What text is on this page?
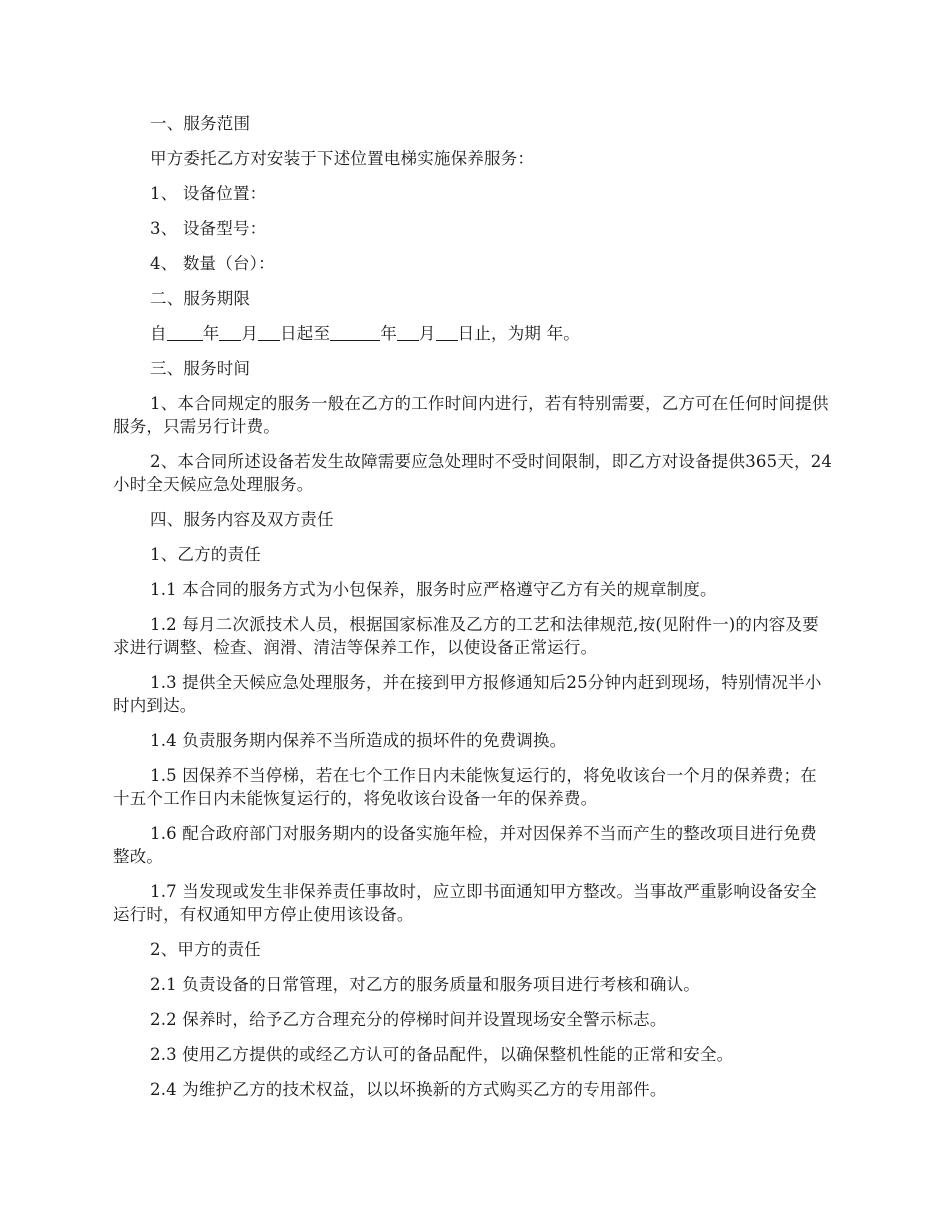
一、服务范围

甲方委托乙方对安装于下述位置电梯实施保养服务：

1、 设备位置：

3、 设备型号：

4、 数量（台）：

二、服务期限

自 年 月 日起至	年 月 日止，为期 年。

三、服务时间

1、本合同规定的服务一般在乙方的工作时间内进行，若有特别需要，乙方可在任何时间提供服务，只需另行计费。

2、本合同所述设备若发生故障需要应急处理时不受时间限制，即乙方对设备提供365天，24小时全天候应急处理服务。

四、服务内容及双方责任

1、乙方的责任

1.1 本合同的服务方式为小包保养，服务时应严格遵守乙方有关的规章制度。

1.2 每月二次派技术人员，根据国家标准及乙方的工艺和法律规范,按(见附件一)的内容及要求进行调整、检查、润滑、清洁等保养工作，以使设备正常运行。

1.3 提供全天候应急处理服务，并在接到甲方报修通知后25分钟内赶到现场，特别情况半小时内到达。

1.4 负责服务期内保养不当所造成的损坏件的免费调换。

1.5 因保养不当停梯，若在七个工作日内未能恢复运行的，将免收该台一个月的保养费；在十五个工作日内未能恢复运行的，将免收该台设备一年的保养费。

1.6 配合政府部门对服务期内的设备实施年检，并对因保养不当而产生的整改项目进行免费整改。

1.7 当发现或发生非保养责任事故时，应立即书面通知甲方整改。当事故严重影响设备安全运行时，有权通知甲方停止使用该设备。

2、甲方的责任

2.1 负责设备的日常管理，对乙方的服务质量和服务项目进行考核和确认。

2.2 保养时，给予乙方合理充分的停梯时间并设置现场安全警示标志。

2.3 使用乙方提供的或经乙方认可的备品配件，以确保整机性能的正常和安全。

2.4 为维护乙方的技术权益，以以坏换新的方式购买乙方的专用部件。
